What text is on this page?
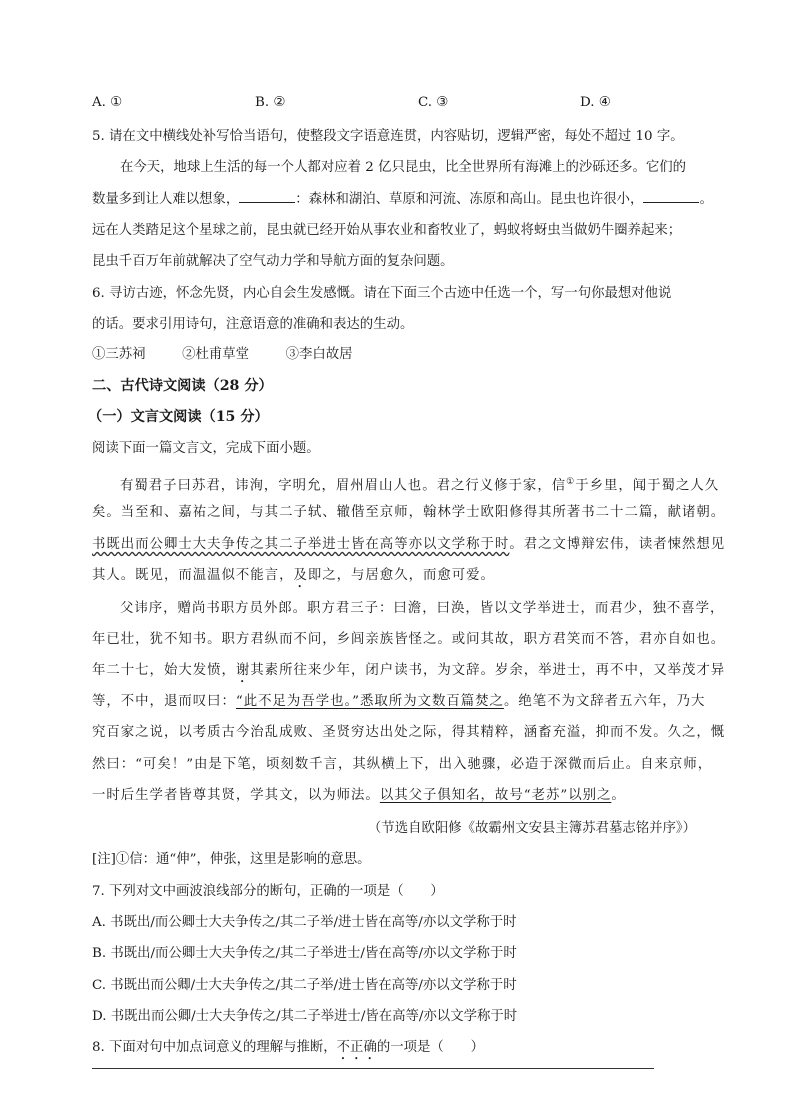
A. ①	B. ②	C. ③	D. ④
5. 请在文中横线处补写恰当语句，使整段文字语意连贯，内容贴切，逻辑严密，每处不超过 10 字。
在今天，地球上生活的每一个人都对应着 2 亿只昆虫，比全世界所有海滩上的沙砾还多。它们的
数量多到让人难以想象，	：森林和湖泊、草原和河流、冻原和高山。昆虫也许很小，	。
远在人类踏足这个星球之前，昆虫就已经开始从事农业和畜牧业了，蚂蚁将蚜虫当做奶牛圈养起来；
昆虫千百万年前就解决了空气动力学和导航方面的复杂问题。
6. 寻访古迹，怀念先贤，内心自会生发感慨。请在下面三个古迹中任选一个，写一句你最想对他说
的话。要求引用诗句，注意语意的准确和表达的生动。
①三苏祠	②杜甫草堂	③李白故居
二、古代诗文阅读（28 分）
（一）文言文阅读（15 分）
阅读下面一篇文言文，完成下面小题。
有蜀君子曰苏君，讳洵，字明允，眉州眉山人也。君之行义修于家，信①于乡里，闻于蜀之人久
矣。当至和、嘉祐之间，与其二子轼、辙偕至京师，翰林学士欧阳修得其所著书二十二篇，献诸朝。
书既出而公卿士大夫争传之其二子举进士皆在高等亦以文学称于时。君之文博辩宏伟，读者悚然想见
其人。既见，而温温似不能言，及即之，与居愈久，而愈可爱。
父讳序，赠尚书职方员外郎。职方君三子：曰澹，曰涣，皆以文学举进士，而君少，独不喜学，
年已壮，犹不知书。职方君纵而不问，乡闾亲族皆怪之。或问其故，职方君笑而不答，君亦自如也。
年二十七，始大发愤，谢其素所往来少年，闭户读书，为文辞。岁余，举进士，再不中，又举茂才异
等，不中，退而叹曰：“此不足为吾学也。”悉取所为文数百篇焚之。绝笔不为文辞者五六年，乃大
究百家之说，以考质古今治乱成败、圣贤穷达出处之际，得其精粹，涵畜充溢，抑而不发。久之，慨
然曰：“可矣！”由是下笔，顷刻数千言，其纵横上下，出入驰骤，必造于深微而后止。自来京师，
一时后生学者皆尊其贤，学其文，以为师法。以其父子俱知名，故号“老苏”以别之。
（节选自欧阳修《故霸州文安县主簿苏君墓志铭并序》）
[注]①信：通“伸”，伸张，这里是影响的意思。
7. 下列对文中画波浪线部分的断句，正确的一项是（　　）
A. 书既出/而公卿士大夫争传之/其二子举/进士皆在高等/亦以文学称于时
B. 书既出/而公卿士大夫争传之/其二子举进士/皆在高等/亦以文学称于时
C. 书既出而公卿/士大夫争传之/其二子举/进士皆在高等/亦以文学称于时
D. 书既出而公卿/士大夫争传之/其二子举进士/皆在高等/亦以文学称于时
8. 下面对句中加点词意义的理解与推断，不正确的一项是（　　）
